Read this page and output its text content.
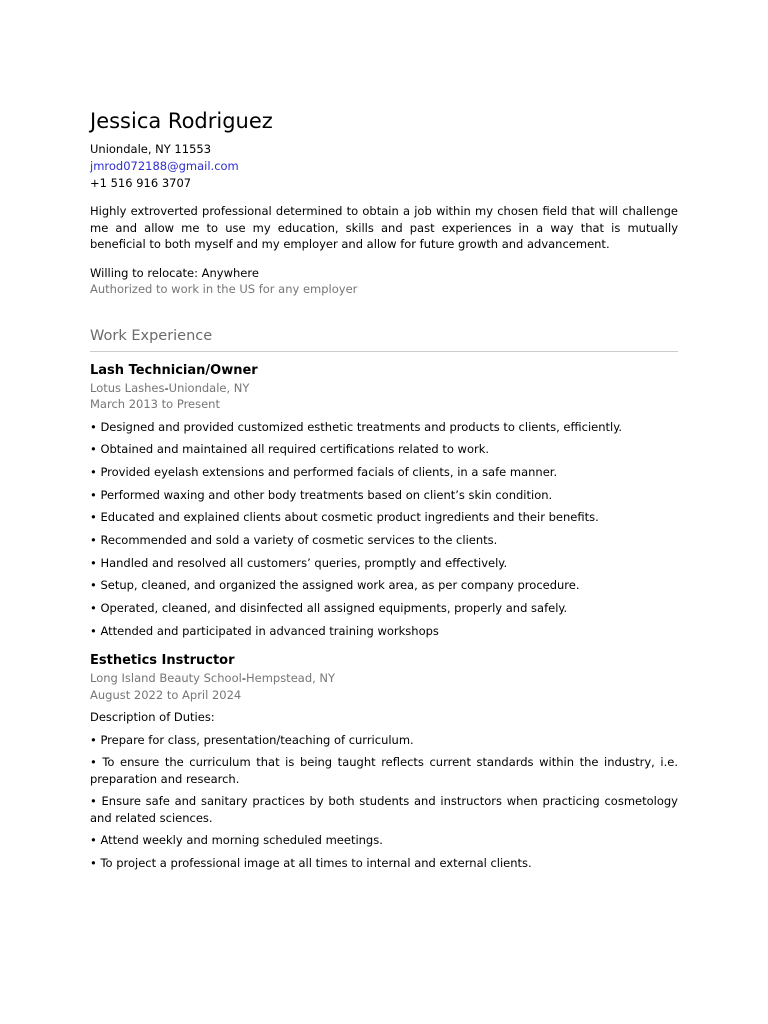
Jessica Rodriguez
Uniondale, NY 11553
jmrod072188@gmail.com
+1 516 916 3707
Highly extroverted professional determined to obtain a job within my chosen field that will challenge me and allow me to use my education, skills and past experiences in a way that is mutually beneficial to both myself and my employer and allow for future growth and advancement.
Willing to relocate: Anywhere
Authorized to work in the US for any employer
Work Experience
Lash Technician/Owner
Lotus Lashes-Uniondale, NY
March 2013 to Present
• Designed and provided customized esthetic treatments and products to clients, efficiently.
• Obtained and maintained all required certifications related to work.
• Provided eyelash extensions and performed facials of clients, in a safe manner.
• Performed waxing and other body treatments based on client’s skin condition.
• Educated and explained clients about cosmetic product ingredients and their benefits.
• Recommended and sold a variety of cosmetic services to the clients.
• Handled and resolved all customers’ queries, promptly and effectively.
• Setup, cleaned, and organized the assigned work area, as per company procedure.
• Operated, cleaned, and disinfected all assigned equipments, properly and safely.
• Attended and participated in advanced training workshops
Esthetics Instructor
Long Island Beauty School-Hempstead, NY
August 2022 to April 2024
Description of Duties:
• Prepare for class, presentation/teaching of curriculum.
• To ensure the curriculum that is being taught reflects current standards within the industry, i.e. preparation and research.
• Ensure safe and sanitary practices by both students and instructors when practicing cosmetology and related sciences.
• Attend weekly and morning scheduled meetings.
• To project a professional image at all times to internal and external clients.
